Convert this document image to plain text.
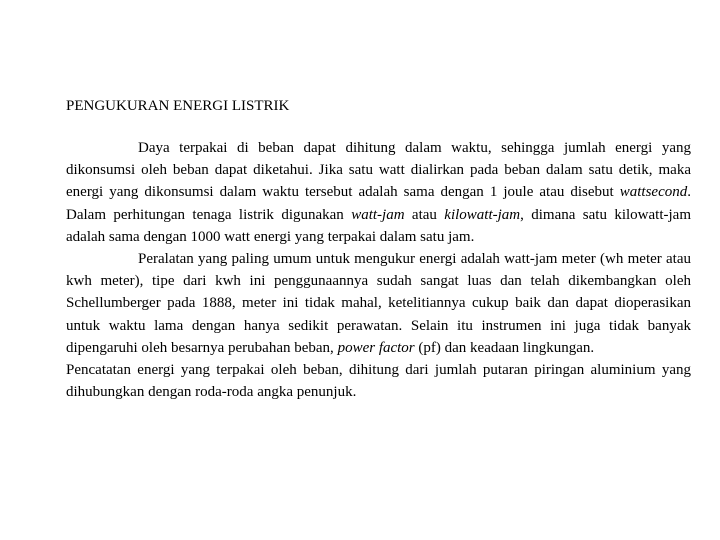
PENGUKURAN ENERGI LISTRIK

Daya terpakai di beban dapat dihitung dalam waktu, sehingga jumlah energi yang dikonsumsi oleh beban dapat diketahui. Jika satu watt dialirkan pada beban dalam satu detik, maka energi yang dikonsumsi dalam waktu tersebut adalah sama dengan 1 joule atau disebut wattsecond. Dalam perhitungan tenaga listrik digunakan watt-jam atau kilowatt-jam, dimana satu kilowatt-jam adalah sama dengan 1000 watt energi yang terpakai dalam satu jam.

Peralatan yang paling umum untuk mengukur energi adalah watt-jam meter (wh meter atau kwh meter), tipe dari kwh ini penggunaannya sudah sangat luas dan telah dikembangkan oleh Schellumberger pada 1888, meter ini tidak mahal, ketelitiannya cukup baik dan dapat dioperasikan untuk waktu lama dengan hanya sedikit perawatan. Selain itu instrumen ini juga tidak banyak dipengaruhi oleh besarnya perubahan beban, power factor (pf) dan keadaan lingkungan.

Pencatatan energi yang terpakai oleh beban, dihitung dari jumlah putaran piringan aluminium yang dihubungkan dengan roda-roda angka penunjuk.
